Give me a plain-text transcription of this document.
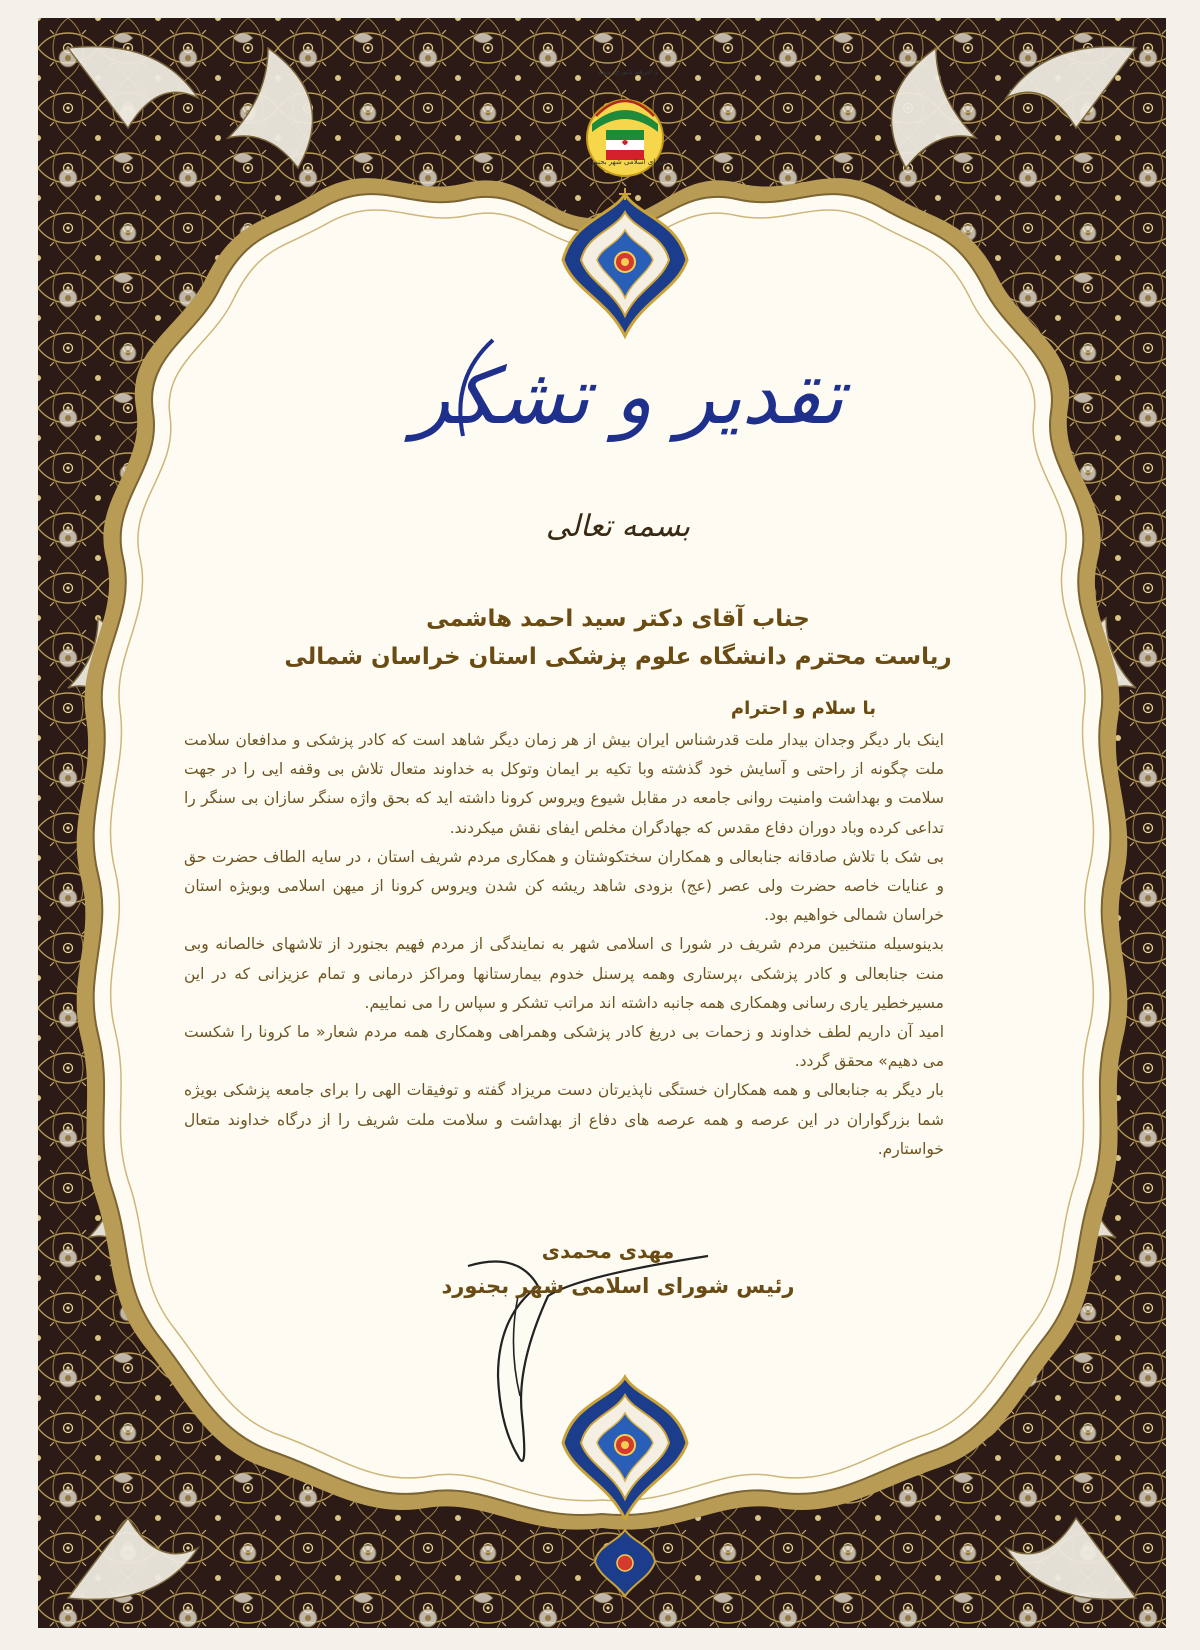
و امرهم شوری بینهم
شورای اسلامی شهر بجنورد
تقدیر و تشکر
بسمه تعالی
جناب آقای دکتر سید احمد هاشمی
ریاست محترم دانشگاه علوم پزشکی استان خراسان شمالی
با سلام و احترام

اینک بار دیگر وجدان بیدار ملت قدرشناس ایران بیش از هر زمان دیگر شاهد است که کادر پزشکی و مدافعان سلامت ملت چگونه از راحتی و آسایش خود گذشته وبا تکیه بر ایمان وتوکل به خداوند متعال تلاش بی وقفه ایی را در جهت سلامت و بهداشت وامنیت روانی جامعه در مقابل شیوع ویروس کرونا داشته اید که بحق واژه سنگر سازان بی سنگر را تداعی کرده وباد دوران دفاع مقدس که جهادگران مخلص ایفای نقش میکردند.

بی شک با تلاش صادقانه جنابعالی و همکاران سختکوشتان و همکاری مردم شریف استان ، در سایه الطاف حضرت حق و عنایات خاصه حضرت ولی عصر (عج) بزودی شاهد ریشه کن شدن ویروس کرونا از میهن اسلامی وبویژه استان خراسان شمالی خواهیم بود.

بدینوسیله منتخبین مردم شریف در شورا ی اسلامی شهر به نمایندگی از مردم فهیم بجنورد از تلاشهای خالصانه وبی منت جنابعالی و کادر پزشکی ،پرستاری وهمه پرسنل خدوم بیمارستانها ومراکز درمانی و تمام عزیزانی که در این مسیرخطیر یاری رسانی وهمکاری همه جانبه داشته اند مراتب تشکر و سپاس را می نماییم.

امید آن داریم لطف خداوند و زحمات بی دریغ کادر پزشکی وهمراهی وهمکاری همه مردم شعار« ما کرونا را شکست می دهیم» محقق گردد.

بار دیگر به جنابعالی و همه همکاران خستگی ناپذیرتان دست مریزاد گفته و توفیقات الهی را برای جامعه پزشکی بویژه شما بزرگواران در این عرصه و همه عرصه های دفاع از بهداشت و سلامت ملت شریف را از درگاه خداوند متعال خواستارم.

مهدی محمدی
رئیس شورای اسلامی شهر بجنورد
